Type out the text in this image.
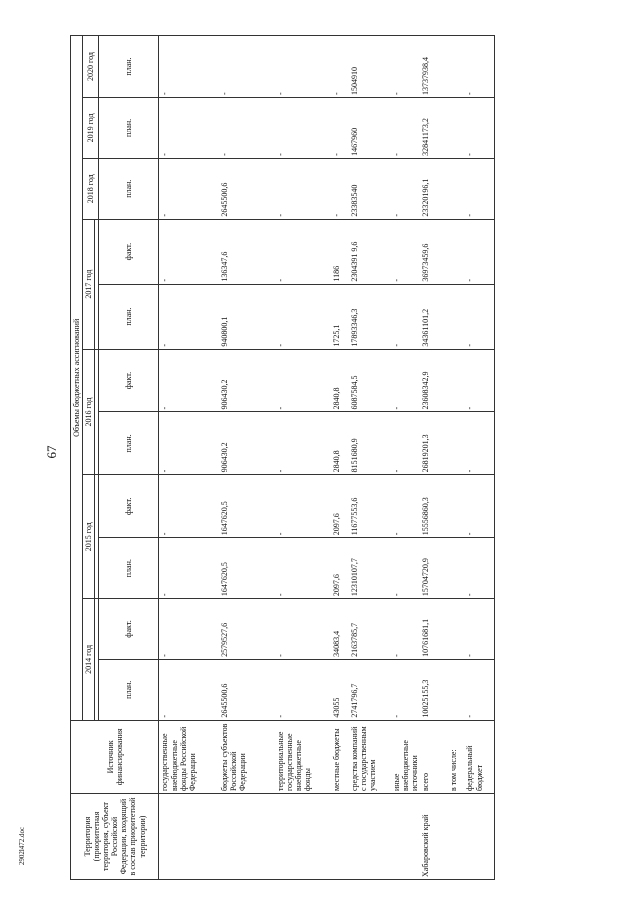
67
2902l472.doc	Территория (приоритетная территория, субъект Российской Федерации, входящий в состав приоритетной территории)	Источник финансирования	Объемы бюджетных ассигнований										
		2014 год		2015 год		2016 год		2017 год		2018 год	2019 год	2020 год

		план.	факт.	план.	факт.	план.	факт.	план.	факт.	план.	план.	план.
	государственные внебюджетные фонды Российской Федерации	-	-	-	-	-	-	-	-	-	-	-
	бюджеты субъектов Российской Федерации	2645500,6	2579527,6	1647620,5	1647620,5	906430,2	906430,2	940800,1	136347,6	2645500,6	-	-
	территориальные государственные внебюджетные фонды	-	-	-	-	-	-	-	-	-	-	-
	местные бюджеты	43055	34083,4	2097,6	2097,6	2840,8	2840,8	1725,1	1186	-	-	-
	средства компаний с государственным участием	2741796,7	2163785,7	12310107,7	11677553,6	8151680,9	6087584,5	17893346,3	2304391 9,6	23383540	1467960	1504910
	иные внебюджетные источники	-	-	-	-	-	-	-	-	-	-	-
Хабаровский край	всего	10025155,3	10761681,1	15704720,9	15556860,3	26819201,3	23608342,9	34361101,2	36973459,6	23320196,1	32841173,2	13737938,4
	в том числе:											
	федеральный бюджет	-	-	-	-	-	-	-	-	-	-	-
